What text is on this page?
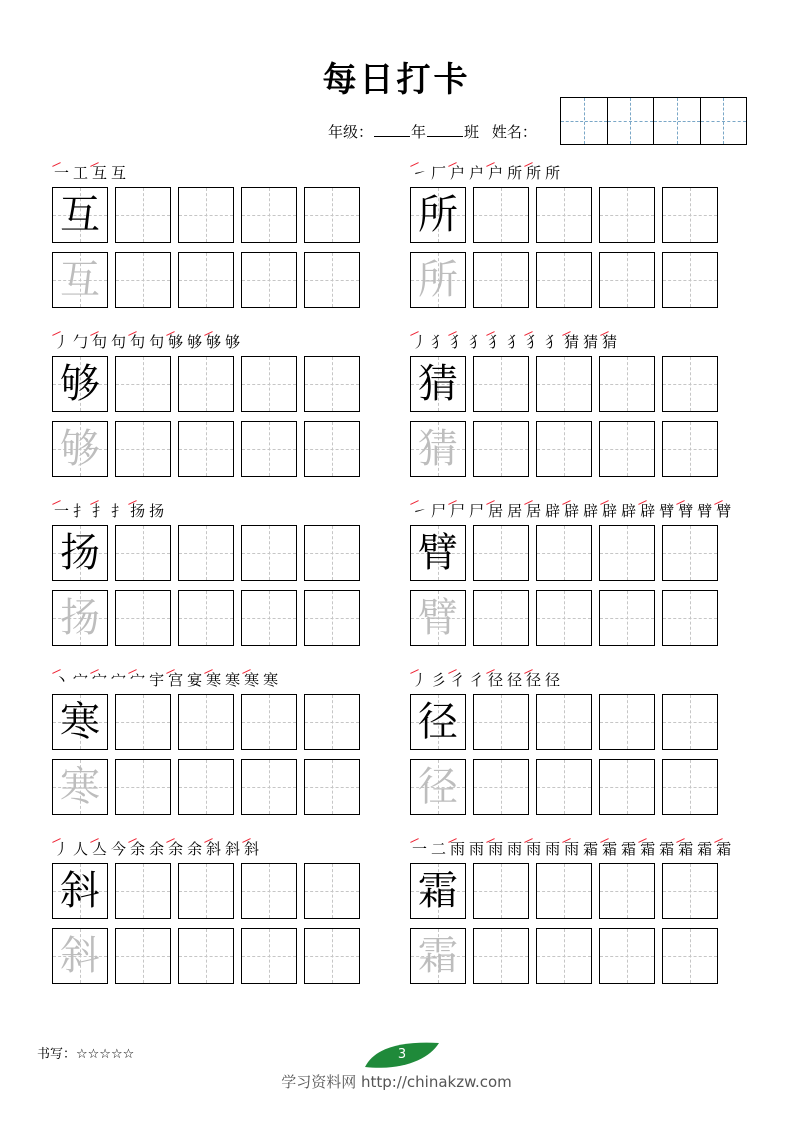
每日打卡
年级：	年	班 姓名：
一 工 互 互
互
互
㇀ 厂 户 户 户 所 所 所
所
所
丿 勹 句 句 句 句 够 够 够 够
够
够
丿 犭 犭 犭 犭 犭 犭 犭 猜 猜 猜
猜
猜
一 扌 扌 扌 扬 扬
扬
扬
㇀ 尸 尸 尸 居 居 居 辟 辟 辟 辟 辟 辟 臂 臂 臂 臂
臂
臂
丶 宀 宀 宀 宀 宇 宫 宴 寒 寒 寒 寒
寒
寒
丿 彡 彳 彳 径 径 径 径
径
径
丿 人 亼 今 余 余 余 余 斜 斜 斜
斜
斜
一 二 雨 雨 雨 雨 雨 雨 雨 霜 霜 霜 霜 霜 霜 霜 霜
霜
霜
书写：☆☆☆☆☆	3
学习资料网 http://chinakzw.com
